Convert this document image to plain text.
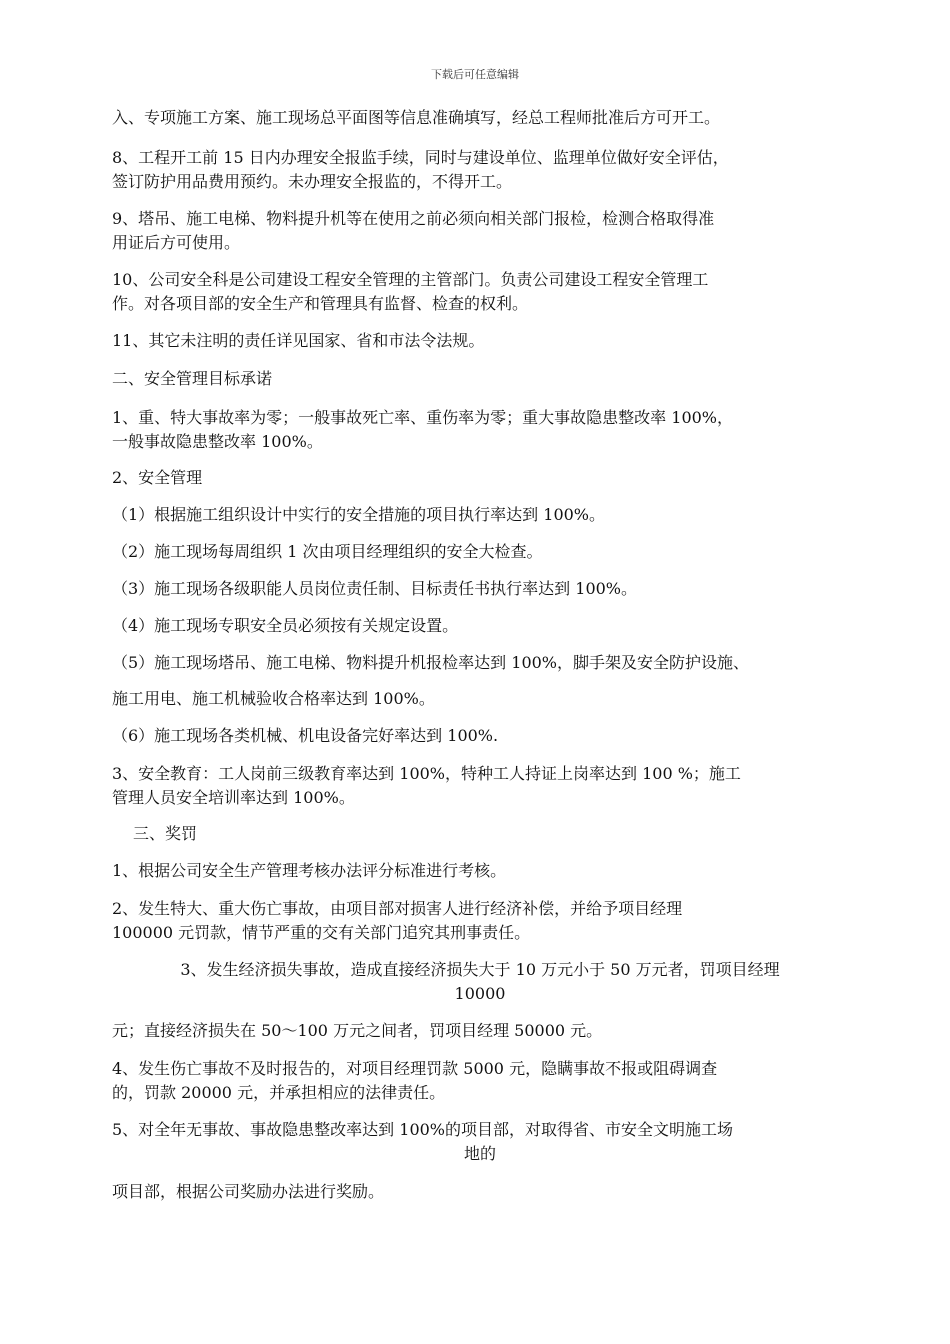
下载后可任意编辑

入、专项施工方案、施工现场总平面图等信息准确填写，经总工程师批准后方可开工。

8、工程开工前 15 日内办理安全报监手续，同时与建设单位、监理单位做好安全评估，
签订防护用品费用预约。未办理安全报监的，不得开工。

9、塔吊、施工电梯、物料提升机等在使用之前必须向相关部门报检，检测合格取得准
用证后方可使用。

10、公司安全科是公司建设工程安全管理的主管部门。负责公司建设工程安全管理工
作。对各项目部的安全生产和管理具有监督、检查的权利。

11、其它未注明的责任详见国家、省和市法令法规。

二、安全管理目标承诺

1、重、特大事故率为零；一般事故死亡率、重伤率为零；重大事故隐患整改率 100%，
一般事故隐患整改率 100%。

2、安全管理

（1）根据施工组织设计中实行的安全措施的项目执行率达到 100%。

（2）施工现场每周组织 1 次由项目经理组织的安全大检查。

（3）施工现场各级职能人员岗位责任制、目标责任书执行率达到 100%。

（4）施工现场专职安全员必须按有关规定设置。

（5）施工现场塔吊、施工电梯、物料提升机报检率达到 100%，脚手架及安全防护设施、

施工用电、施工机械验收合格率达到 100%。

（6）施工现场各类机械、机电设备完好率达到 100%.

3、安全教育：工人岗前三级教育率达到 100%，特种工人持证上岗率达到 100 %；施工
管理人员安全培训率达到 100%。

三、奖罚

1、根据公司安全生产管理考核办法评分标准进行考核。

2、发生特大、重大伤亡事故，由项目部对损害人进行经济补偿，并给予项目经理
100000 元罚款，情节严重的交有关部门追究其刑事责任。

3、发生经济损失事故，造成直接经济损失大于 10 万元小于 50 万元者，罚项目经理
10000

元；直接经济损失在 50～100 万元之间者，罚项目经理 50000 元。

4、发生伤亡事故不及时报告的，对项目经理罚款 5000 元，隐瞒事故不报或阻碍调查
的，罚款 20000 元，并承担相应的法律责任。

5、对全年无事故、事故隐患整改率达到 100%的项目部，对取得省、市安全文明施工场
地的

项目部，根据公司奖励办法进行奖励。
